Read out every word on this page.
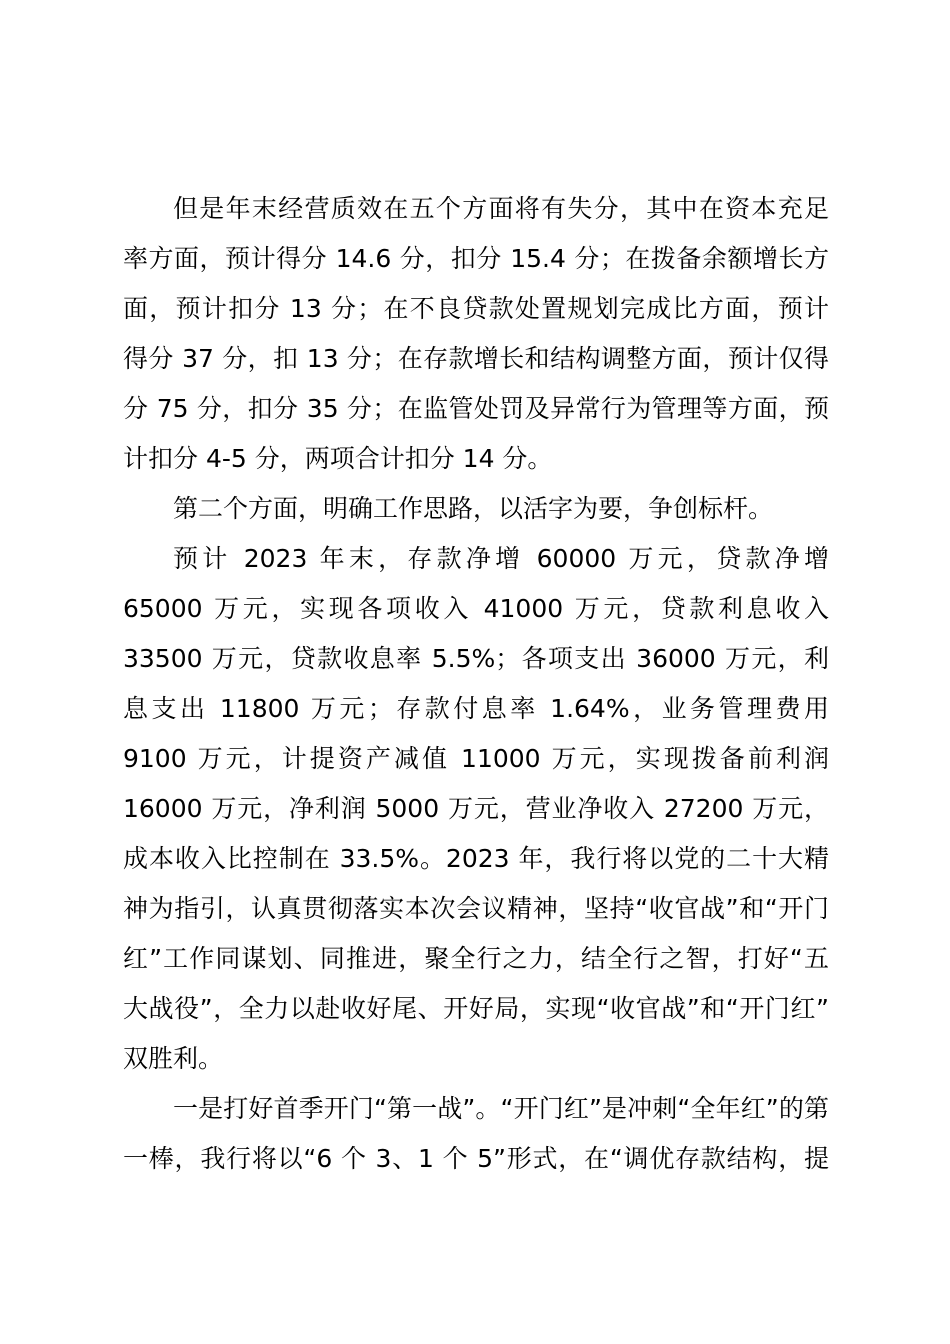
但是年末经营质效在五个方面将有失分，其中在资本充足
率方面，预计得分 14.6 分，扣分 15.4 分；在拨备余额增长方
面，预计扣分 13 分；在不良贷款处置规划完成比方面，预计
得分 37 分，扣 13 分；在存款增长和结构调整方面，预计仅得
分 75 分，扣分 35 分；在监管处罚及异常行为管理等方面，预
计扣分 4-5 分，两项合计扣分 14 分。
第二个方面，明确工作思路，以活字为要，争创标杆。
预计 2023 年末，存款净增 60000 万元，贷款净增
65000 万元，实现各项收入 41000 万元，贷款利息收入
33500 万元，贷款收息率 5.5%；各项支出 36000 万元，利
息支出 11800 万元；存款付息率 1.64%，业务管理费用
9100 万元，计提资产减值 11000 万元，实现拨备前利润
16000 万元，净利润 5000 万元，营业净收入 27200 万元，
成本收入比控制在 33.5%。2023 年，我行将以党的二十大精
神为指引，认真贯彻落实本次会议精神，坚持“收官战”和“开门
红”工作同谋划、同推进，聚全行之力，结全行之智，打好“五
大战役”，全力以赴收好尾、开好局，实现“收官战”和“开门红”
双胜利。
一是打好首季开门“第一战”。“开门红”是冲刺“全年红”的第
一棒，我行将以“6 个 3、1 个 5”形式，在“调优存款结构，提
